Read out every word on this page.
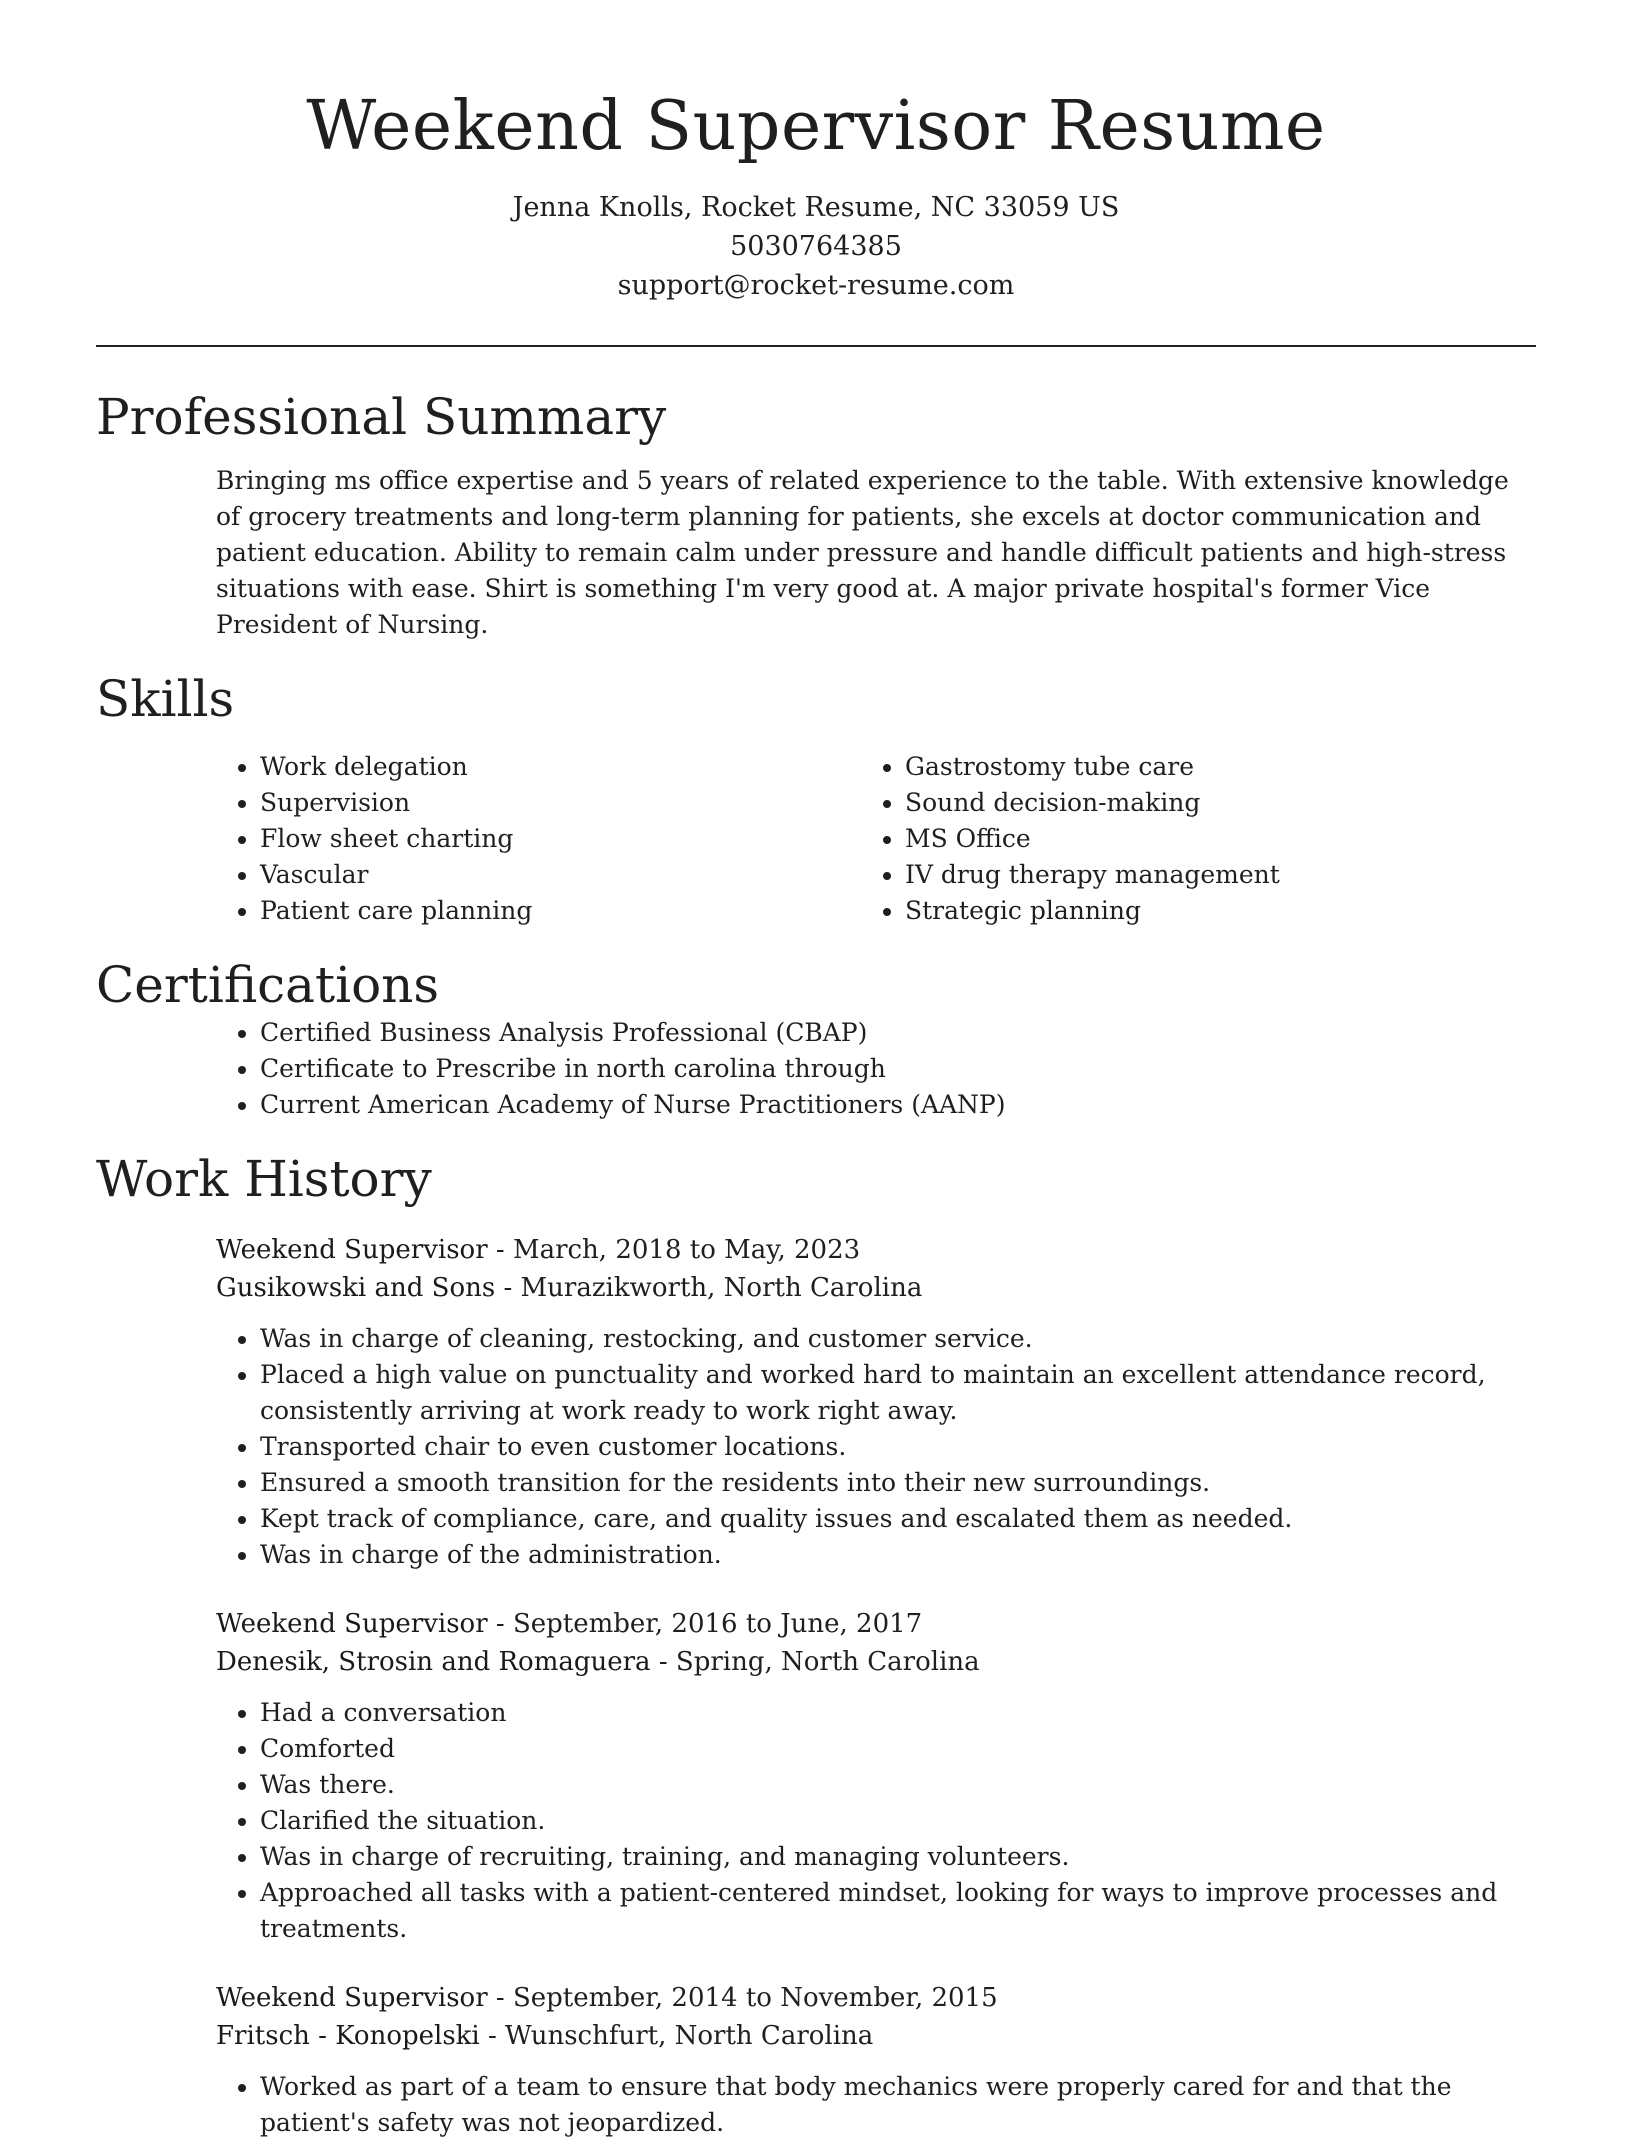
Weekend Supervisor Resume
Jenna Knolls, Rocket Resume, NC 33059 US
5030764385
support@rocket-resume.com
Professional Summary
Bringing ms office expertise and 5 years of related experience to the table. With extensive knowledge of grocery treatments and long-term planning for patients, she excels at doctor communication and patient education. Ability to remain calm under pressure and handle difficult patients and high-stress situations with ease. Shirt is something I'm very good at. A major private hospital's former Vice President of Nursing.
Skills
• Work delegation
• Supervision
• Flow sheet charting
• Vascular
• Patient care planning
• Gastrostomy tube care
• Sound decision-making
• MS Office
• IV drug therapy management
• Strategic planning
Certifications
• Certified Business Analysis Professional (CBAP)
• Certificate to Prescribe in north carolina through
• Current American Academy of Nurse Practitioners (AANP)
Work History
Weekend Supervisor - March, 2018 to May, 2023
Gusikowski and Sons - Murazikworth, North Carolina
• Was in charge of cleaning, restocking, and customer service.
• Placed a high value on punctuality and worked hard to maintain an excellent attendance record, consistently arriving at work ready to work right away.
• Transported chair to even customer locations.
• Ensured a smooth transition for the residents into their new surroundings.
• Kept track of compliance, care, and quality issues and escalated them as needed.
• Was in charge of the administration.
Weekend Supervisor - September, 2016 to June, 2017
Denesik, Strosin and Romaguera - Spring, North Carolina
• Had a conversation
• Comforted
• Was there.
• Clarified the situation.
• Was in charge of recruiting, training, and managing volunteers.
• Approached all tasks with a patient-centered mindset, looking for ways to improve processes and treatments.
Weekend Supervisor - September, 2014 to November, 2015
Fritsch - Konopelski - Wunschfurt, North Carolina
• Worked as part of a team to ensure that body mechanics were properly cared for and that the patient's safety was not jeopardized.
